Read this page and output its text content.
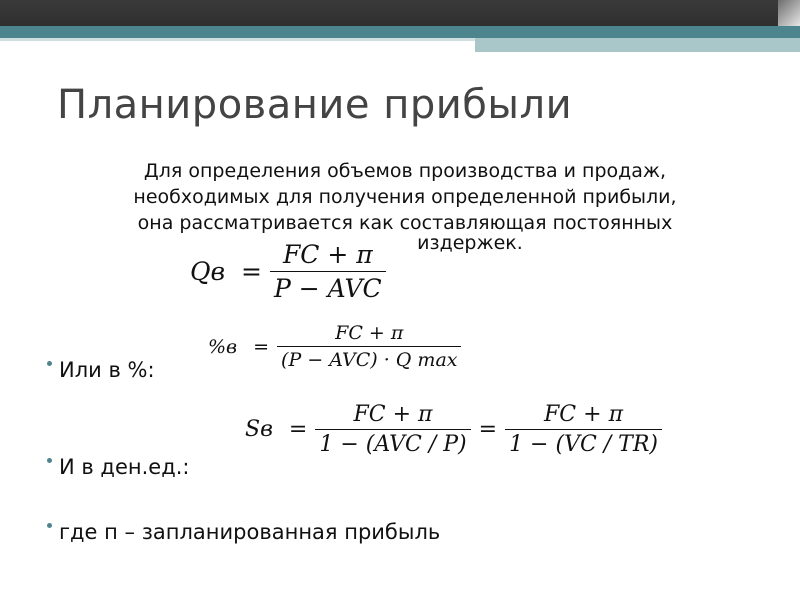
Планирование прибыли
Для определения объемов производства и продаж,
необходимых для получения определенной прибыли,
она рассматривается как составляющая постоянных
издержек.
Qв = $\frac{FC + \pi}{\text{P − AVC}}$
$\%в = \frac{FC + \pi}{\text{(P − AVC) · Q max}}$
Sв = $\frac{FC + \pi}{\text{1 − (AVC / P)}} = \frac{FC + \pi}{1 - (VC / TR)}$
Или в %:
И в ден.ед.:
где п – запланированная прибыль
